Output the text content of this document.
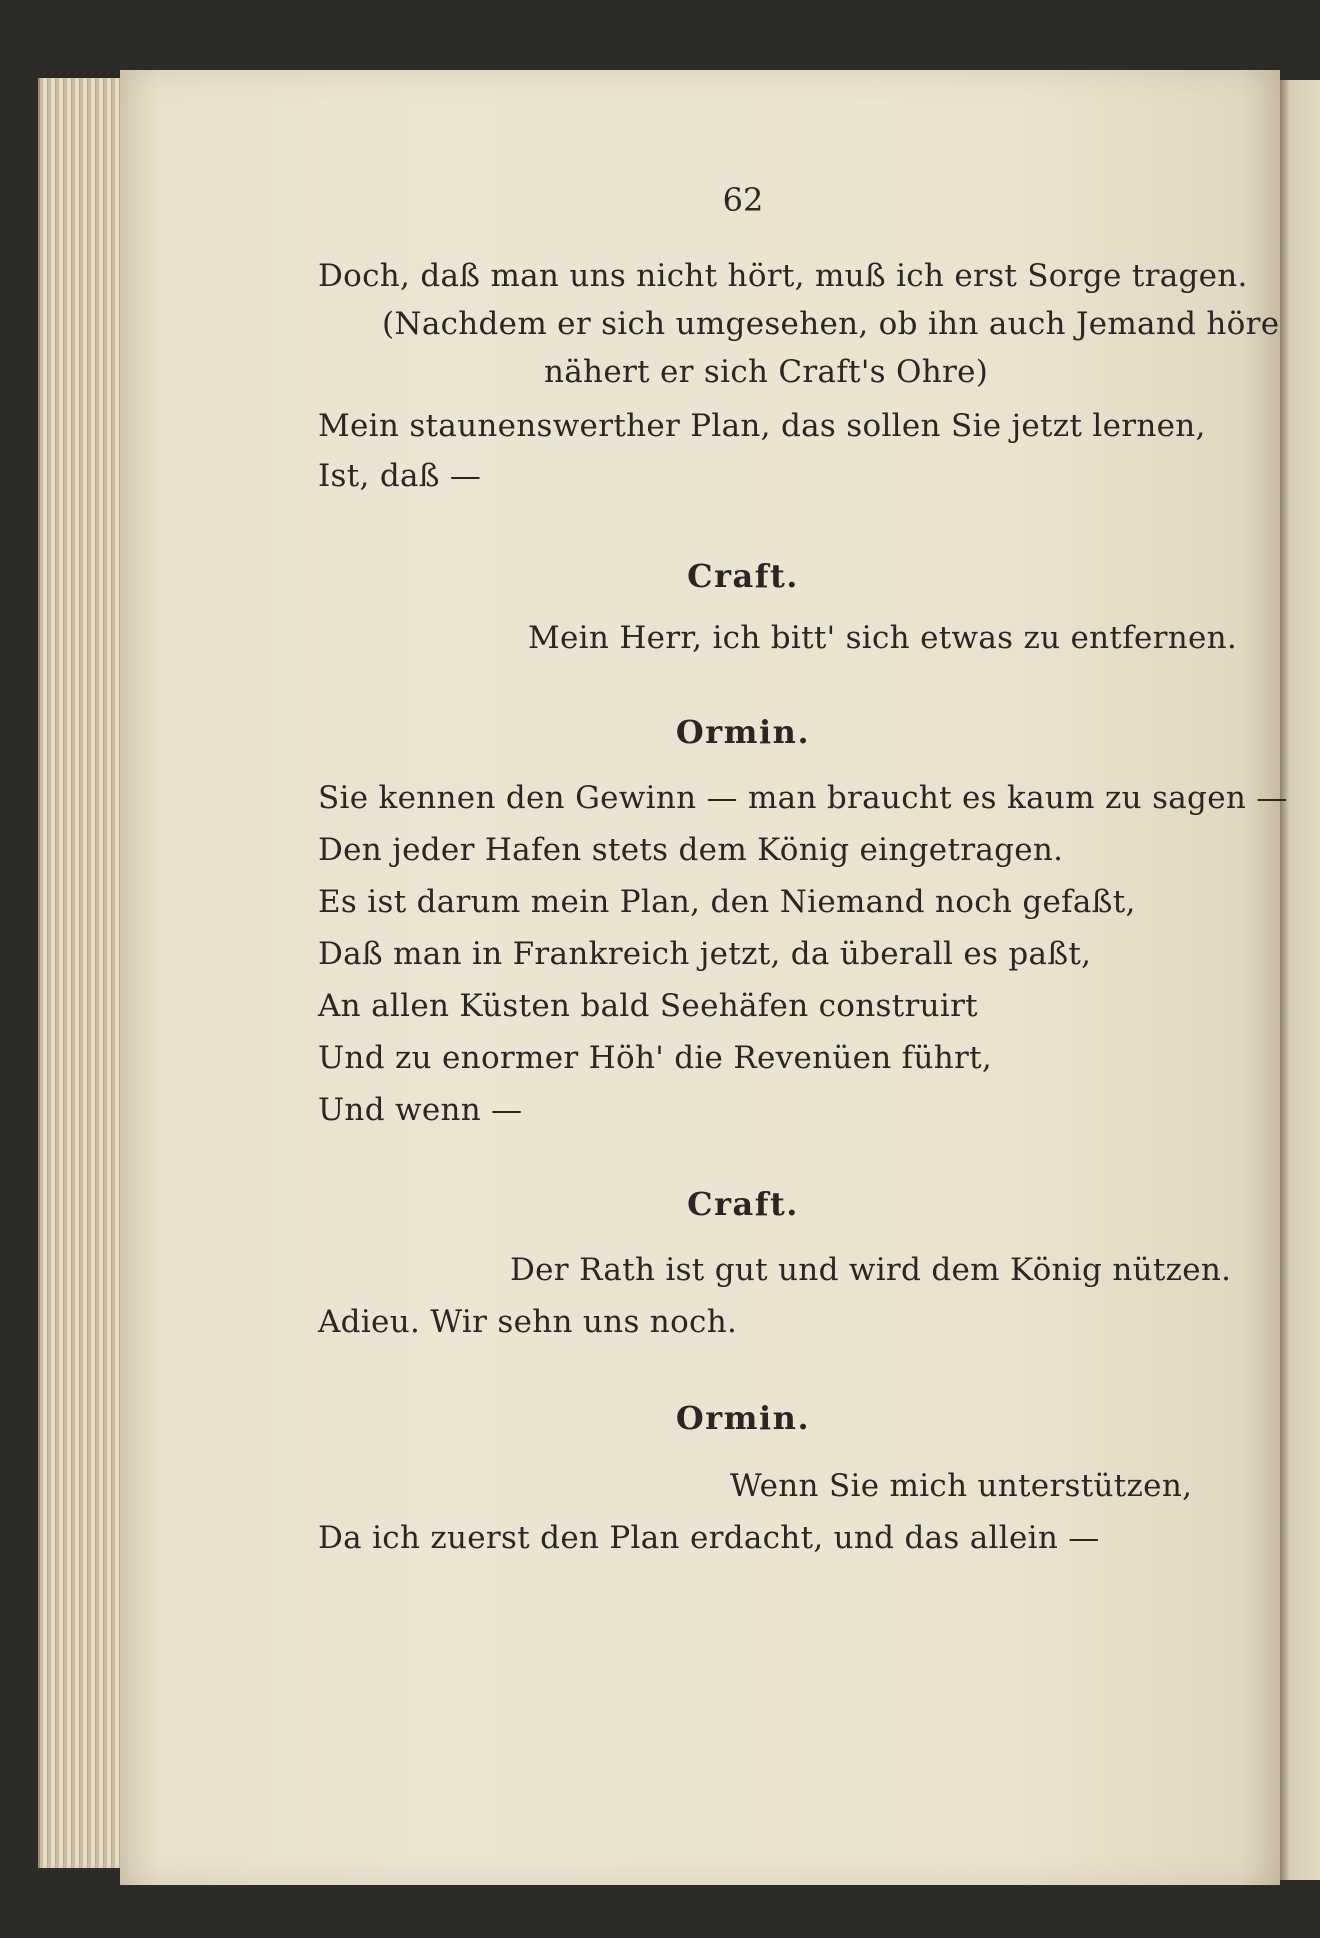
62
Doch, daß man uns nicht hört, muß ich erst Sorge tragen.
(Nachdem er sich umgesehen, ob ihn auch Jemand höre
nähert er sich Craft's Ohre)
Mein staunenswerther Plan, das sollen Sie jetzt lernen,
Ist, daß —
Craft.
Mein Herr, ich bitt' sich etwas zu entfernen.
Ormin.
Sie kennen den Gewinn — man braucht es kaum zu sagen —
Den jeder Hafen stets dem König eingetragen.
Es ist darum mein Plan, den Niemand noch gefaßt,
Daß man in Frankreich jetzt, da überall es paßt,
An allen Küsten bald Seehäfen construirt
Und zu enormer Höh' die Revenüen führt,
Und wenn —
Craft.
Der Rath ist gut und wird dem König nützen.
Adieu. Wir sehn uns noch.
Ormin.
Wenn Sie mich unterstützen,
Da ich zuerst den Plan erdacht, und das allein —
